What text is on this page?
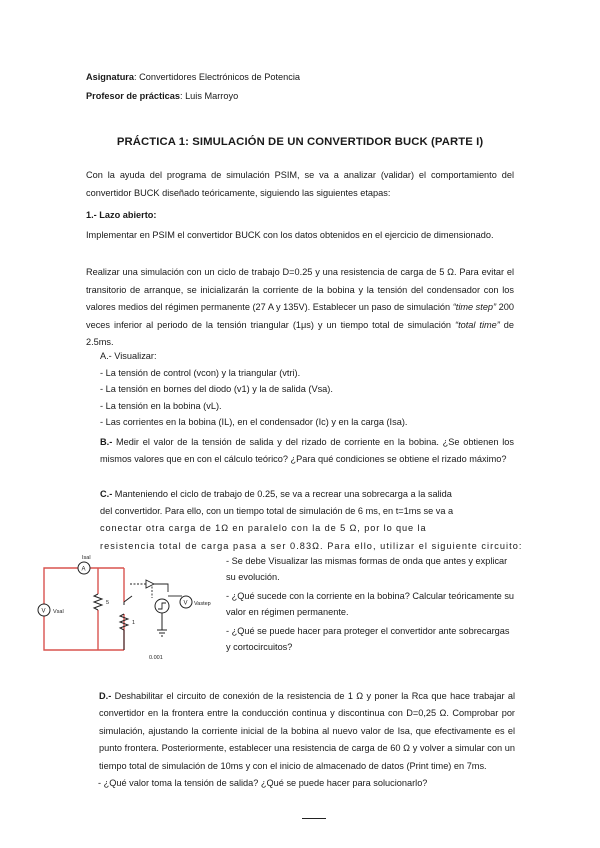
Asignatura: Convertidores Electrónicos de Potencia
Profesor de prácticas: Luis Marroyo
PRÁCTICA 1: SIMULACIÓN DE UN CONVERTIDOR BUCK (PARTE I)
Con la ayuda del programa de simulación PSIM, se va a analizar (validar) el comportamiento del convertidor BUCK diseñado teóricamente, siguiendo las siguientes etapas:
1.- Lazo abierto:
Implementar en PSIM el convertidor BUCK con los datos obtenidos en el ejercicio de dimensionado.
Realizar una simulación con un ciclo de trabajo D=0.25 y una resistencia de carga de 5 Ω. Para evitar el transitorio de arranque, se inicializarán la corriente de la bobina y la tensión del condensador con los valores medios del régimen permanente (27 A y 135V). Establecer un paso de simulación “time step” 200 veces inferior al periodo de la tensión triangular (1μs) y un tiempo total de simulación “total time” de 2.5ms.
A.- Visualizar:
- La tensión de control (vcon) y la triangular (vtri).
- La tensión en bornes del diodo (v1) y la de salida (Vsa).
- La tensión en la bobina (vL).
- Las corrientes en la bobina (IL), en el condensador (Ic) y en la carga (Isa).
B.- Medir el valor de la tensión de salida y del rizado de corriente en la bobina. ¿Se obtienen los mismos valores que en con el cálculo teórico? ¿Para qué condiciones se obtiene el rizado máximo?
C.- Manteniendo el ciclo de trabajo de 0.25, se va a recrear una sobrecarga a la salida
del convertidor. Para ello, con un tiempo total de simulación de 6 ms, en t=1ms se va a
conectar otra carga de 1Ω en paralelo con la de 5 Ω, por lo que la
resistencia total de carga pasa a ser 0.83Ω. Para ello, utilizar el siguiente circuito:
V Vsal
A
Isal
5
1
0.001
V Vastep

- Se debe Visualizar las mismas formas de onda que antes y explicar su evolución.

- ¿Qué sucede con la corriente en la bobina? Calcular teóricamente su valor en régimen permanente.

- ¿Qué se puede hacer para proteger el convertidor ante sobrecargas y cortocircuitos?

D.- Deshabilitar el circuito de conexión de la resistencia de 1 Ω y poner la Rca que hace trabajar al convertidor en la frontera entre la conducción continua y discontinua con D=0,25 Ω. Comprobar por simulación, ajustando la corriente inicial de la bobina al nuevo valor de Isa, que efectivamente es el punto frontera. Posteriormente, establecer una resistencia de carga de 60 Ω y volver a simular con un tiempo total de simulación de 10ms y con el inicio de almacenado de datos (Print time) en 7ms.
- ¿Qué valor toma la tensión de salida? ¿Qué se puede hacer para solucionarlo?
